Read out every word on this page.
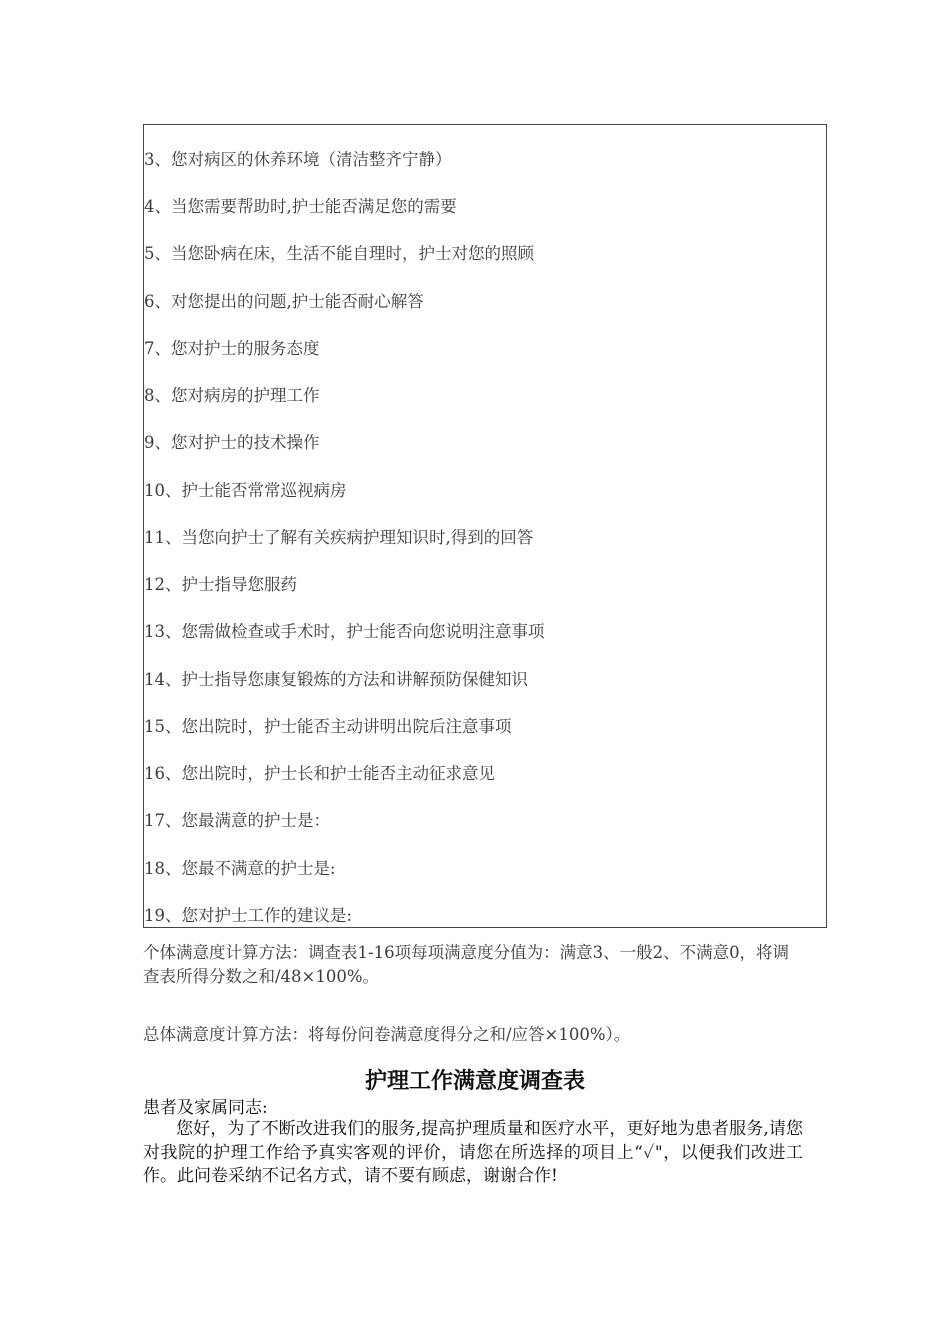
3、您对病区的休养环境（清洁整齐宁静）
4、当您需要帮助时,护士能否满足您的需要
5、当您卧病在床，生活不能自理时，护士对您的照顾
6、对您提出的问题,护士能否耐心解答
7、您对护士的服务态度
8、您对病房的护理工作
9、您对护士的技术操作
10、护士能否常常巡视病房
11、当您向护士了解有关疾病护理知识时,得到的回答
12、护士指导您服药
13、您需做检查或手术时，护士能否向您说明注意事项
14、护士指导您康复锻炼的方法和讲解预防保健知识
15、您出院时，护士能否主动讲明出院后注意事项
16、您出院时，护士长和护士能否主动征求意见
17、您最满意的护士是：
18、您最不满意的护士是:
19、您对护士工作的建议是:

个体满意度计算方法：调查表1-16项每项满意度分值为：满意3、一般2、不满意0，将调查表所得分数之和/48×100%。

总体满意度计算方法：将每份问卷满意度得分之和/应答×100%）。

护理工作满意度调查表
患者及家属同志:

您好，为了不断改进我们的服务,提高护理质量和医疗水平，更好地为患者服务,请您对我院的护理工作给予真实客观的评价，请您在所选择的项目上“✓"，以便我们改进工作。此问卷采纳不记名方式，请不要有顾虑，谢谢合作!
